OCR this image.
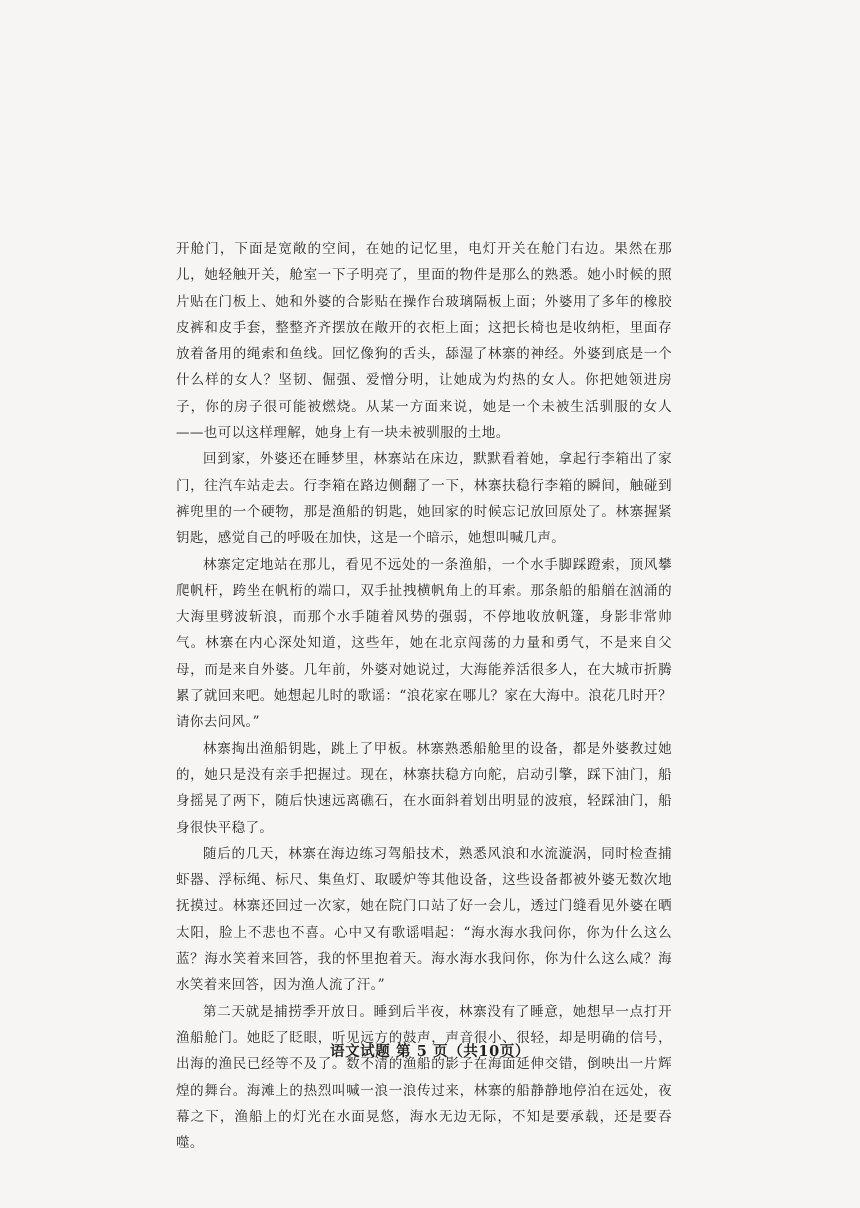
开舱门，下面是宽敞的空间，在她的记忆里，电灯开关在舱门右边。果然在那儿，她轻触开关，舱室一下子明亮了，里面的物件是那么的熟悉。她小时候的照片贴在门板上、她和外婆的合影贴在操作台玻璃隔板上面；外婆用了多年的橡胶皮裤和皮手套，整整齐齐摆放在敞开的衣柜上面；这把长椅也是收纳柜，里面存放着备用的绳索和鱼线。回忆像狗的舌头，舔湿了林寨的神经。外婆到底是一个什么样的女人？坚韧、倔强、爱憎分明，让她成为灼热的女人。你把她领进房子，你的房子很可能被燃烧。从某一方面来说，她是一个未被生活驯服的女人——也可以这样理解，她身上有一块未被驯服的土地。

回到家，外婆还在睡梦里，林寨站在床边，默默看着她，拿起行李箱出了家门，往汽车站走去。行李箱在路边侧翻了一下，林寨扶稳行李箱的瞬间，触碰到裤兜里的一个硬物，那是渔船的钥匙，她回家的时候忘记放回原处了。林寨握紧钥匙，感觉自己的呼吸在加快，这是一个暗示，她想叫喊几声。

林寨定定地站在那儿，看见不远处的一条渔船，一个水手脚踩蹬索，顶风攀爬帆杆，跨坐在帆桁的端口，双手扯拽横帆角上的耳索。那条船的船艏在汹涌的大海里劈波斩浪，而那个水手随着风势的强弱，不停地收放帆篷，身影非常帅气。林寨在内心深处知道，这些年，她在北京闯荡的力量和勇气，不是来自父母，而是来自外婆。几年前，外婆对她说过，大海能养活很多人，在大城市折腾累了就回来吧。她想起儿时的歌谣：“浪花家在哪儿？家在大海中。浪花几时开？请你去问风。”

林寨掏出渔船钥匙，跳上了甲板。林寨熟悉船舱里的设备，都是外婆教过她的，她只是没有亲手把握过。现在，林寨扶稳方向舵，启动引擎，踩下油门，船身摇晃了两下，随后快速远离礁石，在水面斜着划出明显的波痕，轻踩油门，船身很快平稳了。

随后的几天，林寨在海边练习驾船技术，熟悉风浪和水流漩涡，同时检查捕虾器、浮标绳、标尺、集鱼灯、取暖炉等其他设备，这些设备都被外婆无数次地抚摸过。林寨还回过一次家，她在院门口站了好一会儿，透过门缝看见外婆在晒太阳，脸上不悲也不喜。心中又有歌谣唱起：“海水海水我问你，你为什么这么蓝？海水笑着来回答，我的怀里抱着天。海水海水我问你，你为什么这么咸？海水笑着来回答，因为渔人流了汗。”

第二天就是捕捞季开放日。睡到后半夜，林寨没有了睡意，她想早一点打开渔船舱门。她眨了眨眼，听见远方的鼓声，声音很小、很轻，却是明确的信号，出海的渔民已经等不及了。数不清的渔船的影子在海面延伸交错，倒映出一片辉煌的舞台。海滩上的热烈叫喊一浪一浪传过来，林寨的船静静地停泊在远处，夜幕之下，渔船上的灯光在水面晃悠，海水无边无际，不知是要承载，还是要吞噬。

语文试题 第 5 页（共10页）
